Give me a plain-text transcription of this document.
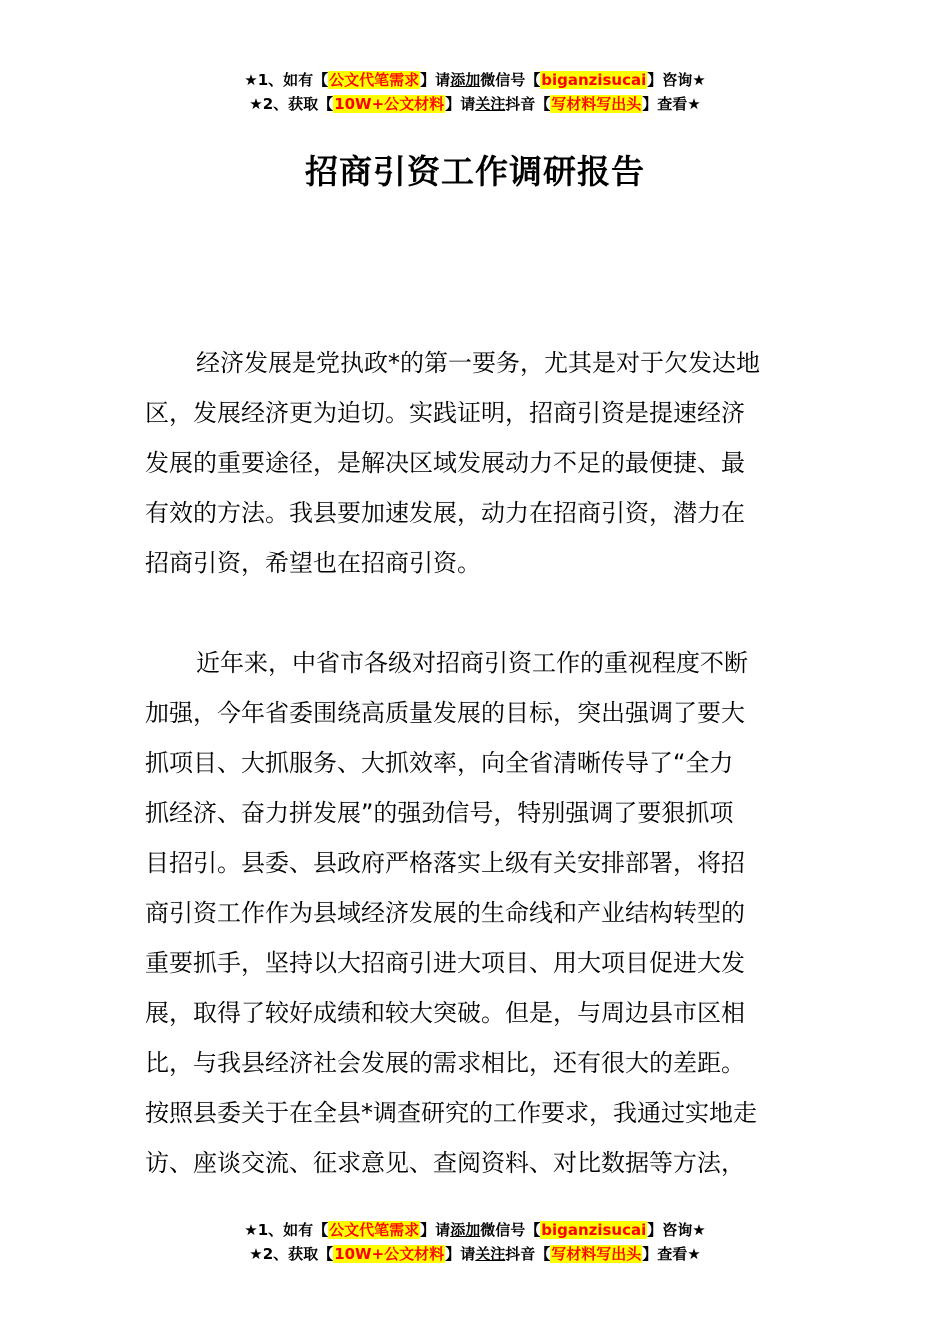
★1、如有【公文代笔需求】请添加微信号【biganzisucai】咨询★
★2、获取【10W+公文材料】请关注抖音【写材料写出头】查看★
招商引资工作调研报告
经济发展是党执政*的第一要务，尤其是对于欠发达地
区，发展经济更为迫切。实践证明，招商引资是提速经济
发展的重要途径，是解决区域发展动力不足的最便捷、最
有效的方法。我县要加速发展，动力在招商引资，潜力在
招商引资，希望也在招商引资。
近年来，中省市各级对招商引资工作的重视程度不断
加强，今年省委围绕高质量发展的目标，突出强调了要大
抓项目、大抓服务、大抓效率，向全省清晰传导了“全力
抓经济、奋力拼发展”的强劲信号，特别强调了要狠抓项
目招引。县委、县政府严格落实上级有关安排部署，将招
商引资工作作为县域经济发展的生命线和产业结构转型的
重要抓手，坚持以大招商引进大项目、用大项目促进大发
展，取得了较好成绩和较大突破。但是，与周边县市区相
比，与我县经济社会发展的需求相比，还有很大的差距。
按照县委关于在全县*调查研究的工作要求，我通过实地走
访、座谈交流、征求意见、查阅资料、对比数据等方法，
★1、如有【公文代笔需求】请添加微信号【biganzisucai】咨询★
★2、获取【10W+公文材料】请关注抖音【写材料写出头】查看★
